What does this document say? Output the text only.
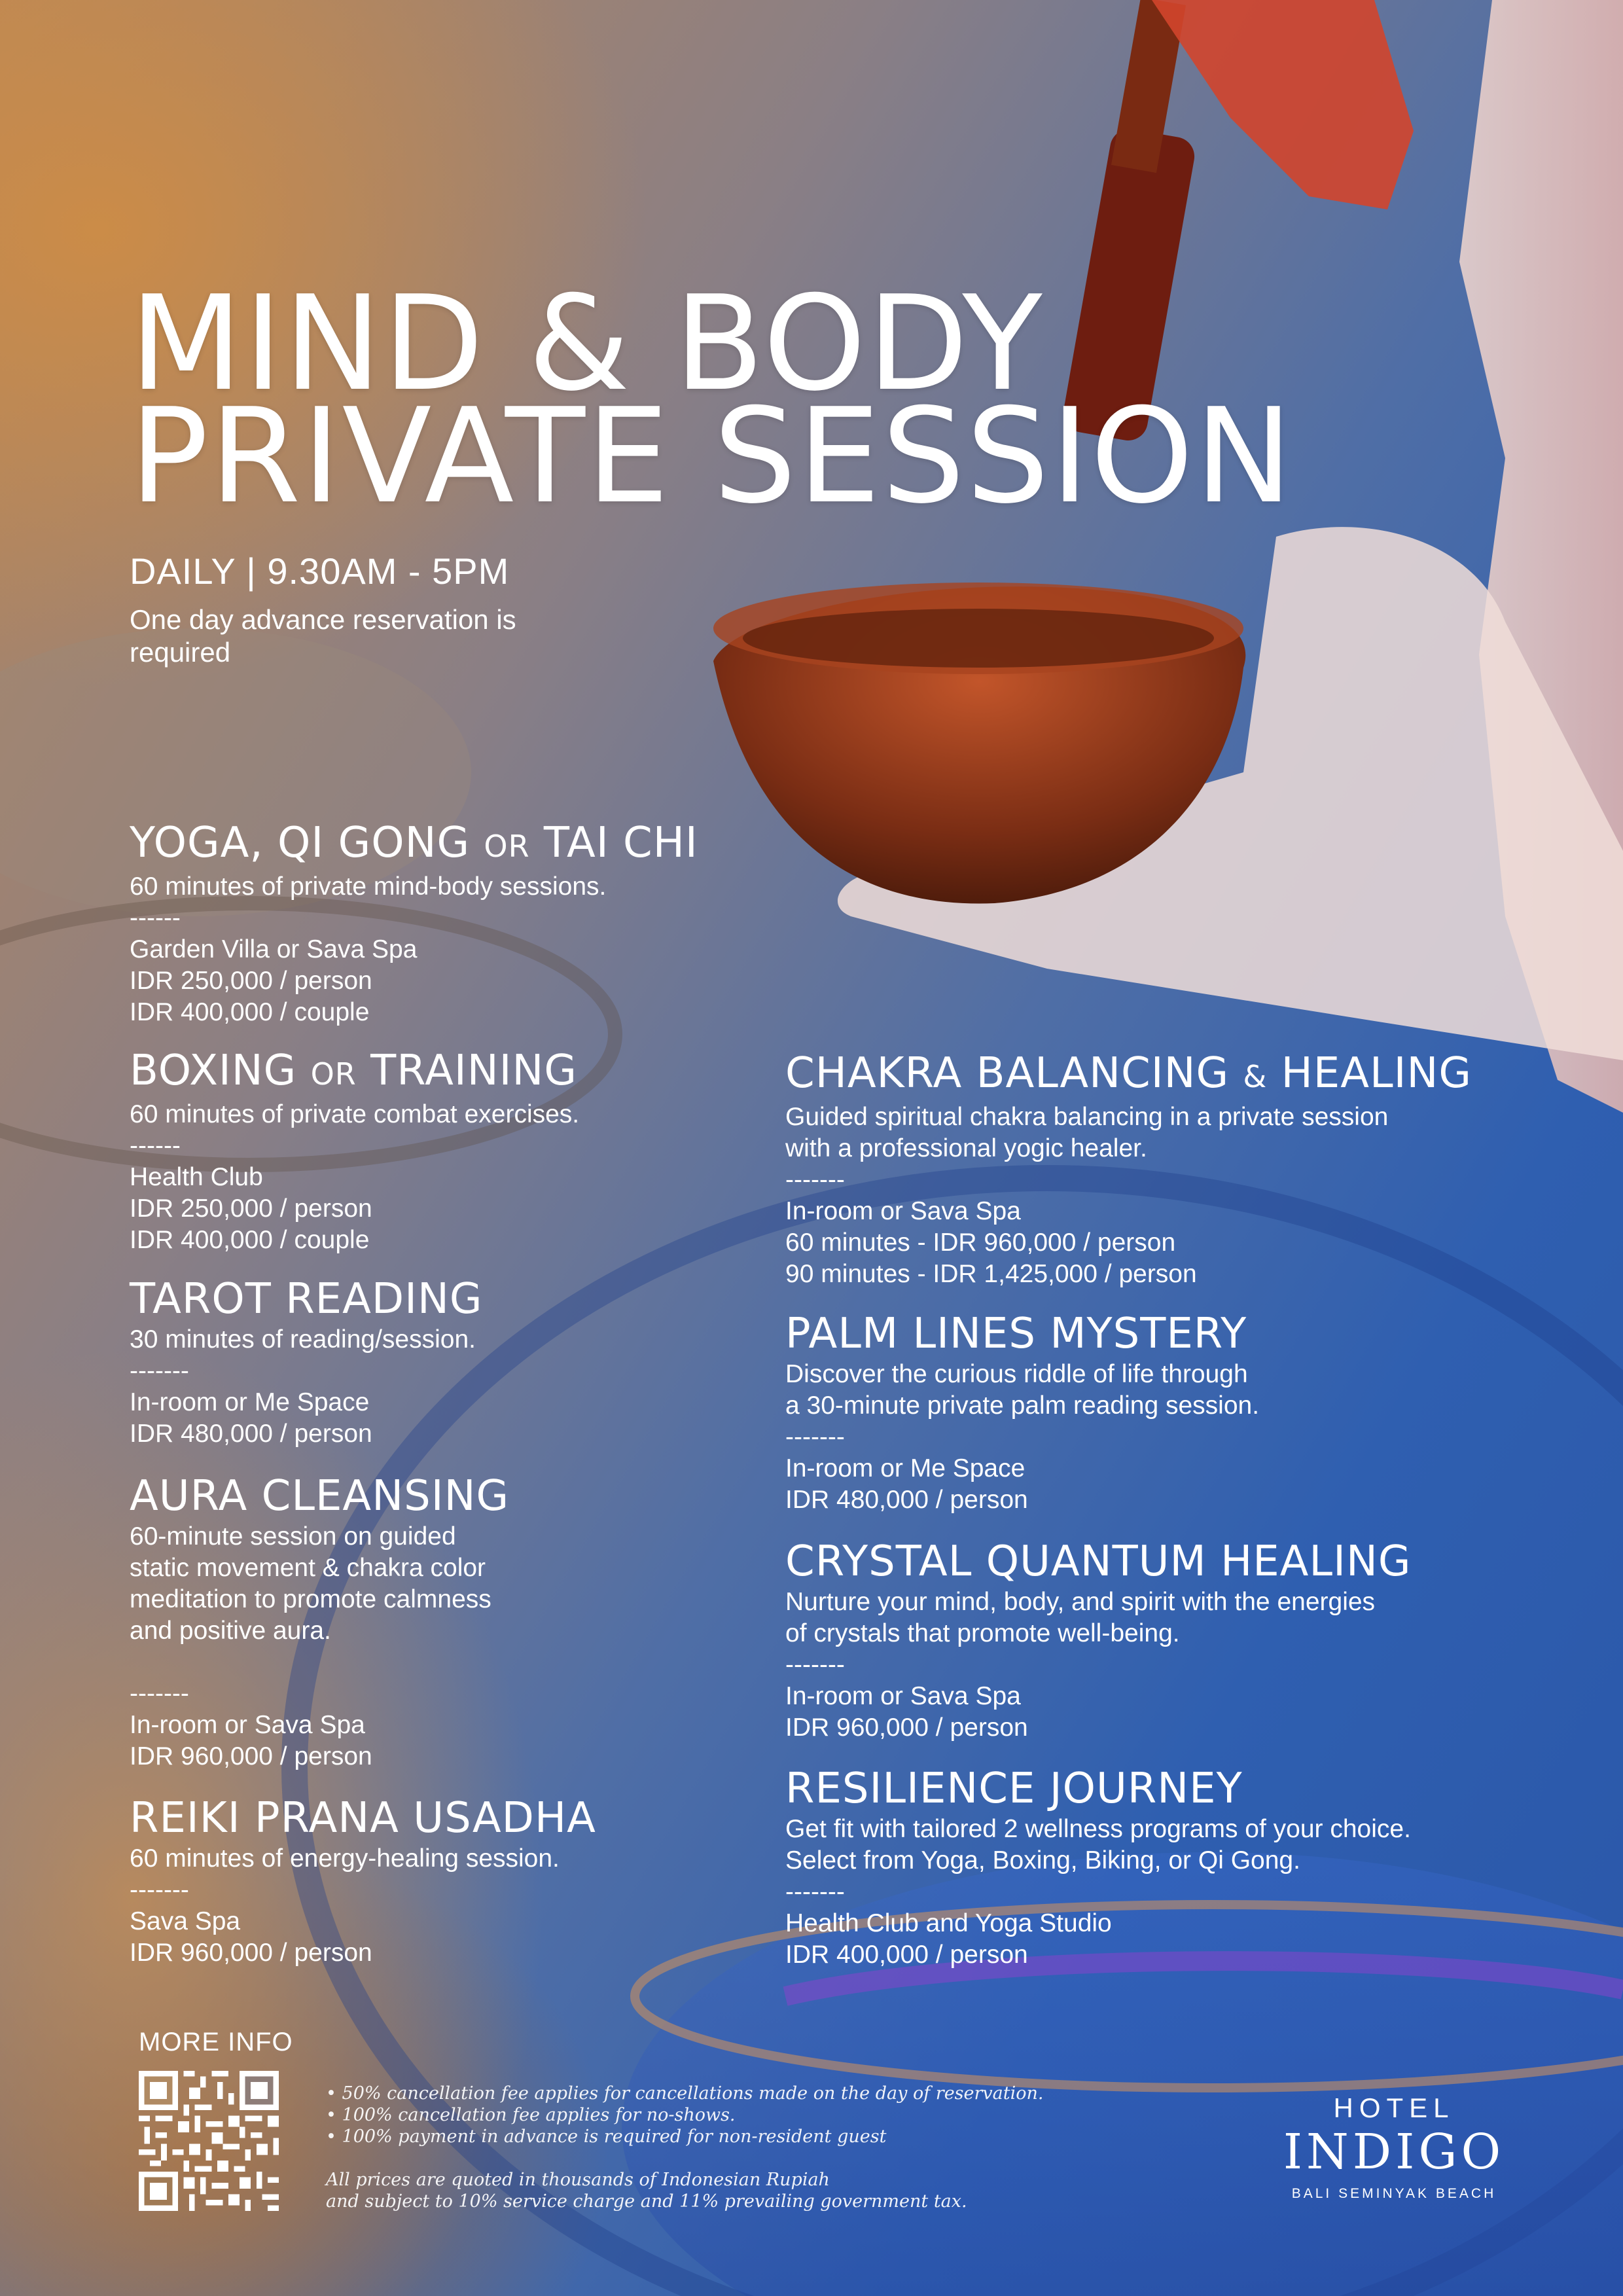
MIND & BODY
PRIVATE SESSION
DAILY | 9.30AM - 5PM
One day advance reservation is required
YOGA, QI GONG OR TAI CHI
60 minutes of private mind-body sessions.
------
Garden Villa or Sava Spa
IDR 250,000 / person
IDR 400,000 / couple
BOXING OR TRAINING
60 minutes of private combat exercises.
------
Health Club
IDR 250,000 / person
IDR 400,000 / couple
TAROT READING
30 minutes of reading/session.
-------
In-room or Me Space
IDR 480,000 / person
AURA CLEANSING
60-minute session on guided
static movement & chakra color
meditation to promote calmness
and positive aura.
-------
In-room or Sava Spa
IDR 960,000 / person
REIKI PRANA USADHA
60 minutes of energy-healing session.
-------
Sava Spa
IDR 960,000 / person
CHAKRA BALANCING & HEALING
Guided spiritual chakra balancing in a private session
with a professional yogic healer.
-------
In-room or Sava Spa
60 minutes - IDR 960,000 / person
90 minutes - IDR 1,425,000 / person
PALM LINES MYSTERY
Discover the curious riddle of life through
a 30-minute private palm reading session.
-------
In-room or Me Space
IDR 480,000 / person
CRYSTAL QUANTUM HEALING
Nurture your mind, body, and spirit with the energies
of crystals that promote well-being.
-------
In-room or Sava Spa
IDR 960,000 / person
RESILIENCE JOURNEY
Get fit with tailored 2 wellness programs of your choice.
Select from Yoga, Boxing, Biking, or Qi Gong.
-------
Health Club and Yoga Studio
IDR 400,000 / person
MORE INFO
• 50% cancellation fee applies for cancellations made on the day of reservation.
• 100% cancellation fee applies for no-shows.
• 100% payment in advance is required for non-resident guest
All prices are quoted in thousands of Indonesian Rupiah
and subject to 10% service charge and 11% prevailing government tax.
HOTEL
INDIGO
BALI SEMINYAK BEACH
